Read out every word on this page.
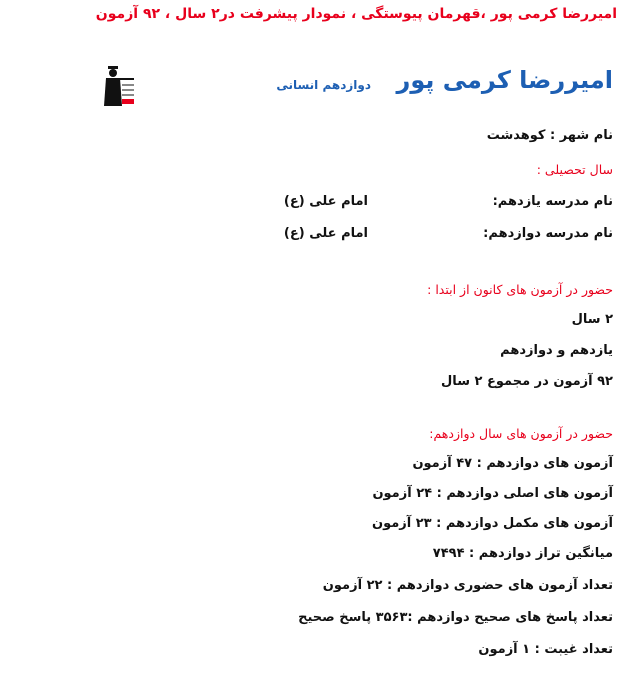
امیررضا کرمی پور ،قهرمان پیوستگی ، نمودار پیشرفت در۲ سال ، ۹۲ آزمون
امیررضا کرمی پور
دوازدهم انسانی
نام شهر : کوهدشت
سال تحصیلی :
نام مدرسه یازدهم:
امام علی (ع)
نام مدرسه دوازدهم:
امام علی (ع)
حضور در آزمون های کانون از ابتدا :
۲ سال
یازدهم و دوازدهم
۹۲ آزمون در مجموع ۲ سال
حضور در آزمون های سال دوازدهم:
آزمون های دوازدهم : ۴۷ آزمون
آزمون های اصلی دوازدهم : ۲۴ آزمون
آزمون های مکمل دوازدهم : ۲۳ آزمون
میانگین تراز دوازدهم : ۷۴۹۴
تعداد آزمون های حضوری دوازدهم : ۲۲ آزمون
تعداد پاسخ های صحیح دوازدهم :۳۵۶۳ پاسخ صحیح
تعداد غیبت : ۱ آزمون
